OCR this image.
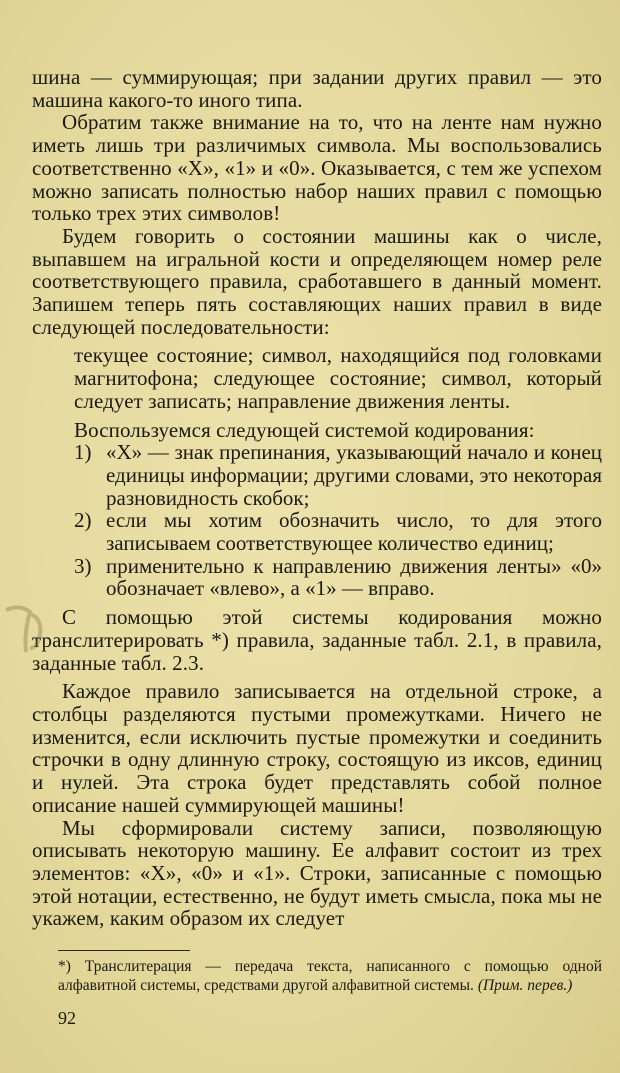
шина — суммирующая; при задании других правил — это машина какого-то иного типа.

Обратим также внимание на то, что на ленте нам нужно иметь лишь три различимых символа. Мы воспользовались соответственно «X», «1» и «0». Оказывается, с тем же успехом можно записать полностью набор наших правил с помощью только трех этих символов!

Будем говорить о состоянии машины как о числе, выпавшем на игральной кости и определяющем номер реле соответствующего правила, сработавшего в данный момент. Запишем теперь пять составляющих наших правил в виде следующей последовательности:

текущее состояние; символ, находящийся под головками магнитофона; следующее состояние; символ, который следует записать; направление движения ленты.

Воспользуемся следующей системой кодирования:

1) «X» — знак препинания, указывающий начало и конец единицы информации; другими словами, это некоторая разновидность скобок;
2) если мы хотим обозначить число, то для этого записываем соответствующее количество единиц;
3) применительно к направлению движения ленты» «0» обозначает «влево», а «1» — вправо.

С помощью этой системы кодирования можно транслитерировать *) правила, заданные табл. 2.1, в правила, заданные табл. 2.3.

Каждое правило записывается на отдельной строке, а столбцы разделяются пустыми промежутками. Ничего не изменится, если исключить пустые промежутки и соединить строчки в одну длинную строку, состоящую из иксов, единиц и нулей. Эта строка будет представлять собой полное описание нашей суммирующей машины!

Мы сформировали систему записи, позволяющую описывать некоторую машину. Ее алфавит состоит из трех элементов: «X», «0» и «1». Строки, записанные с помощью этой нотации, естественно, не будут иметь смысла, пока мы не укажем, каким образом их следует

*) Транслитерация — передача текста, написанного с помощью одной алфавитной системы, средствами другой алфавитной системы. (Прим. перев.)

92
